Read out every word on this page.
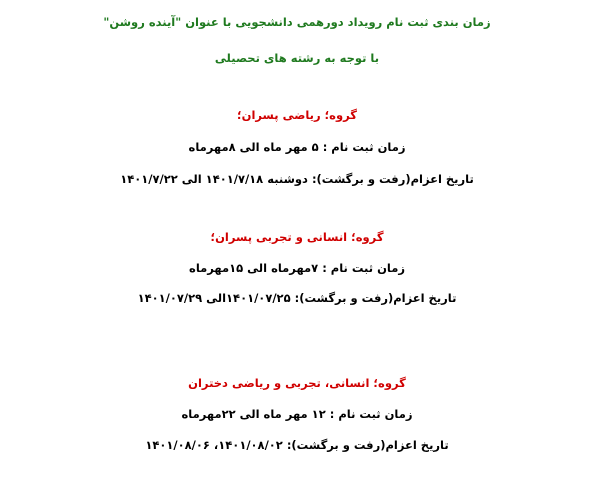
زمان بندی ثبت نام رویداد دورهمی دانشجویی با عنوان "آینده روشن"
با توجه به رشته های تحصیلی
گروه؛ ریاضی پسران؛
زمان ثبت نام : ۵ مهر ماه الی ۸مهرماه
تاریخ اعزام(رفت و برگشت): دوشنبه ۱۴۰۱/۷/۱۸ الی ۱۴۰۱/۷/۲۲
گروه؛ انسانی و تجربی پسران؛
زمان ثبت نام : ۷مهرماه الی ۱۵مهرماه
تاریخ اعزام(رفت و برگشت): ۱۴۰۱/۰۷/۲۵الی ۱۴۰۱/۰۷/۲۹
گروه؛ انسانی، تجربی و ریاضی دختران
زمان ثبت نام : ۱۲ مهر ماه الی ۲۲مهرماه
تاریخ اعزام(رفت و برگشت): ۱۴۰۱/۰۸/۰۲، ۱۴۰۱/۰۸/۰۶
